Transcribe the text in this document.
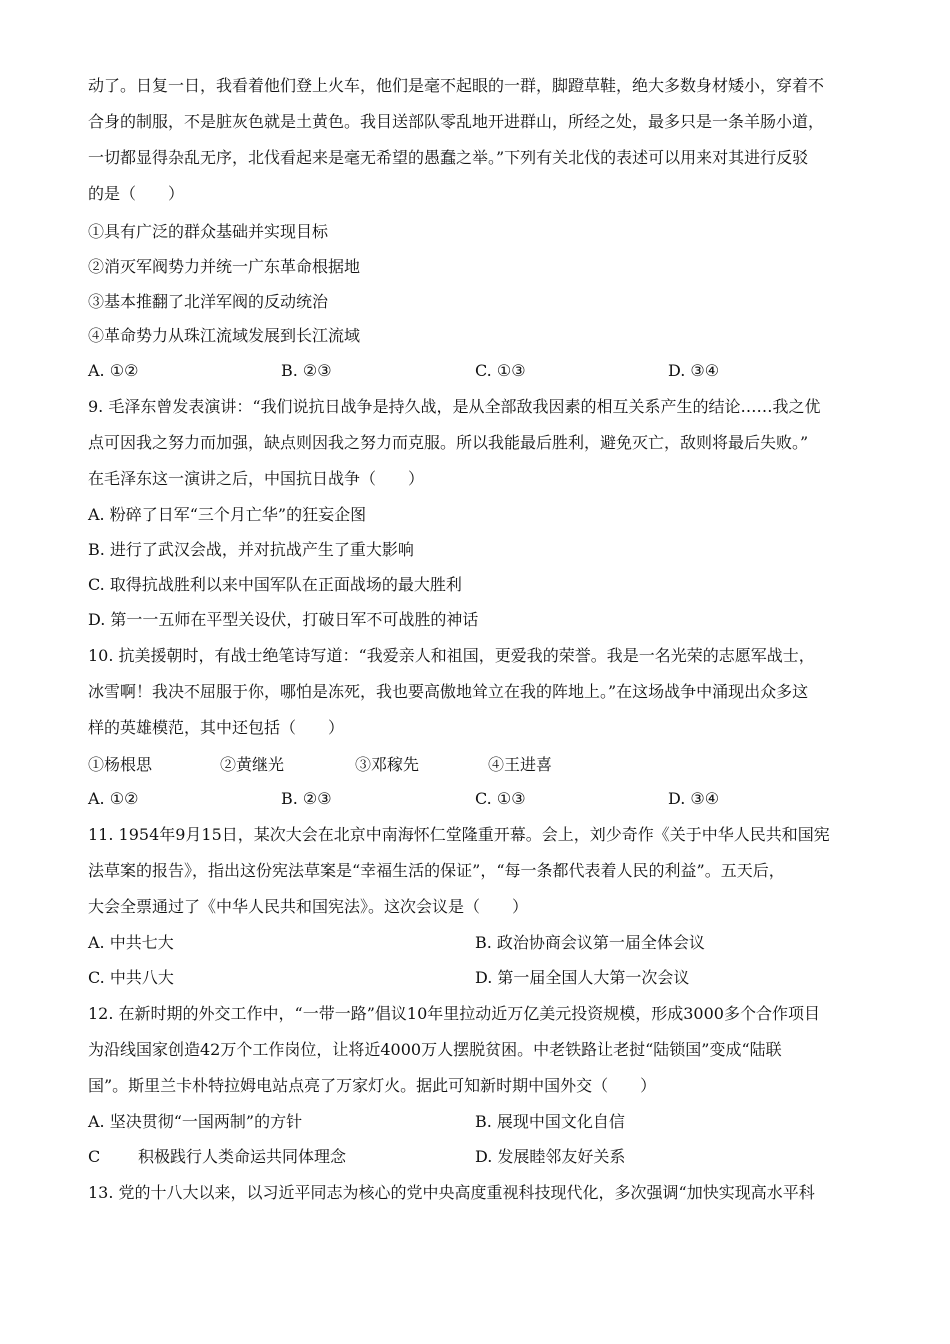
动了。日复一日，我看着他们登上火车，他们是毫不起眼的一群，脚蹬草鞋，绝大多数身材矮小，穿着不
合身的制服，不是脏灰色就是土黄色。我目送部队零乱地开进群山，所经之处，最多只是一条羊肠小道，
一切都显得杂乱无序，北伐看起来是毫无希望的愚蠢之举。”下列有关北伐的表述可以用来对其进行反驳
的是（　　）
①具有广泛的群众基础并实现目标
②消灭军阀势力并统一广东革命根据地
③基本推翻了北洋军阀的反动统治
④革命势力从珠江流域发展到长江流域
A. ①②	B. ②③	C. ①③	D. ③④
9. 毛泽东曾发表演讲：“我们说抗日战争是持久战，是从全部敌我因素的相互关系产生的结论……我之优
点可因我之努力而加强，缺点则因我之努力而克服。所以我能最后胜利，避免灭亡，敌则将最后失败。”
在毛泽东这一演讲之后，中国抗日战争（　　）
A. 粉碎了日军“三个月亡华”的狂妄企图
B. 进行了武汉会战，并对抗战产生了重大影响
C. 取得抗战胜利以来中国军队在正面战场的最大胜利
D. 第一一五师在平型关设伏，打破日军不可战胜的神话
10. 抗美援朝时，有战士绝笔诗写道：“我爱亲人和祖国，更爱我的荣誉。我是一名光荣的志愿军战士，
冰雪啊！我决不屈服于你，哪怕是冻死，我也要高傲地耸立在我的阵地上。”在这场战争中涌现出众多这
样的英雄模范，其中还包括（　　）
①杨根思	②黄继光	③邓稼先	④王进喜
A. ①②	B. ②③	C. ①③	D. ③④
11. 1954年9月15日，某次大会在北京中南海怀仁堂隆重开幕。会上，刘少奇作《关于中华人民共和国宪
法草案的报告》，指出这份宪法草案是“幸福生活的保证”，“每一条都代表着人民的利益”。五天后，
大会全票通过了《中华人民共和国宪法》。这次会议是（　　）
A. 中共七大	B. 政治协商会议第一届全体会议
C. 中共八大	D. 第一届全国人大第一次会议
12. 在新时期的外交工作中，“一带一路”倡议10年里拉动近万亿美元投资规模，形成3000多个合作项目
为沿线国家创造42万个工作岗位，让将近4000万人摆脱贫困。中老铁路让老挝“陆锁国”变成“陆联
国”。斯里兰卡朴特拉姆电站点亮了万家灯火。据此可知新时期中国外交（　　）
A. 坚决贯彻“一国两制”的方针	B. 展现中国文化自信
C 积极践行人类命运共同体理念	D. 发展睦邻友好关系
13. 党的十八大以来，以习近平同志为核心的党中央高度重视科技现代化，多次强调“加快实现高水平科
